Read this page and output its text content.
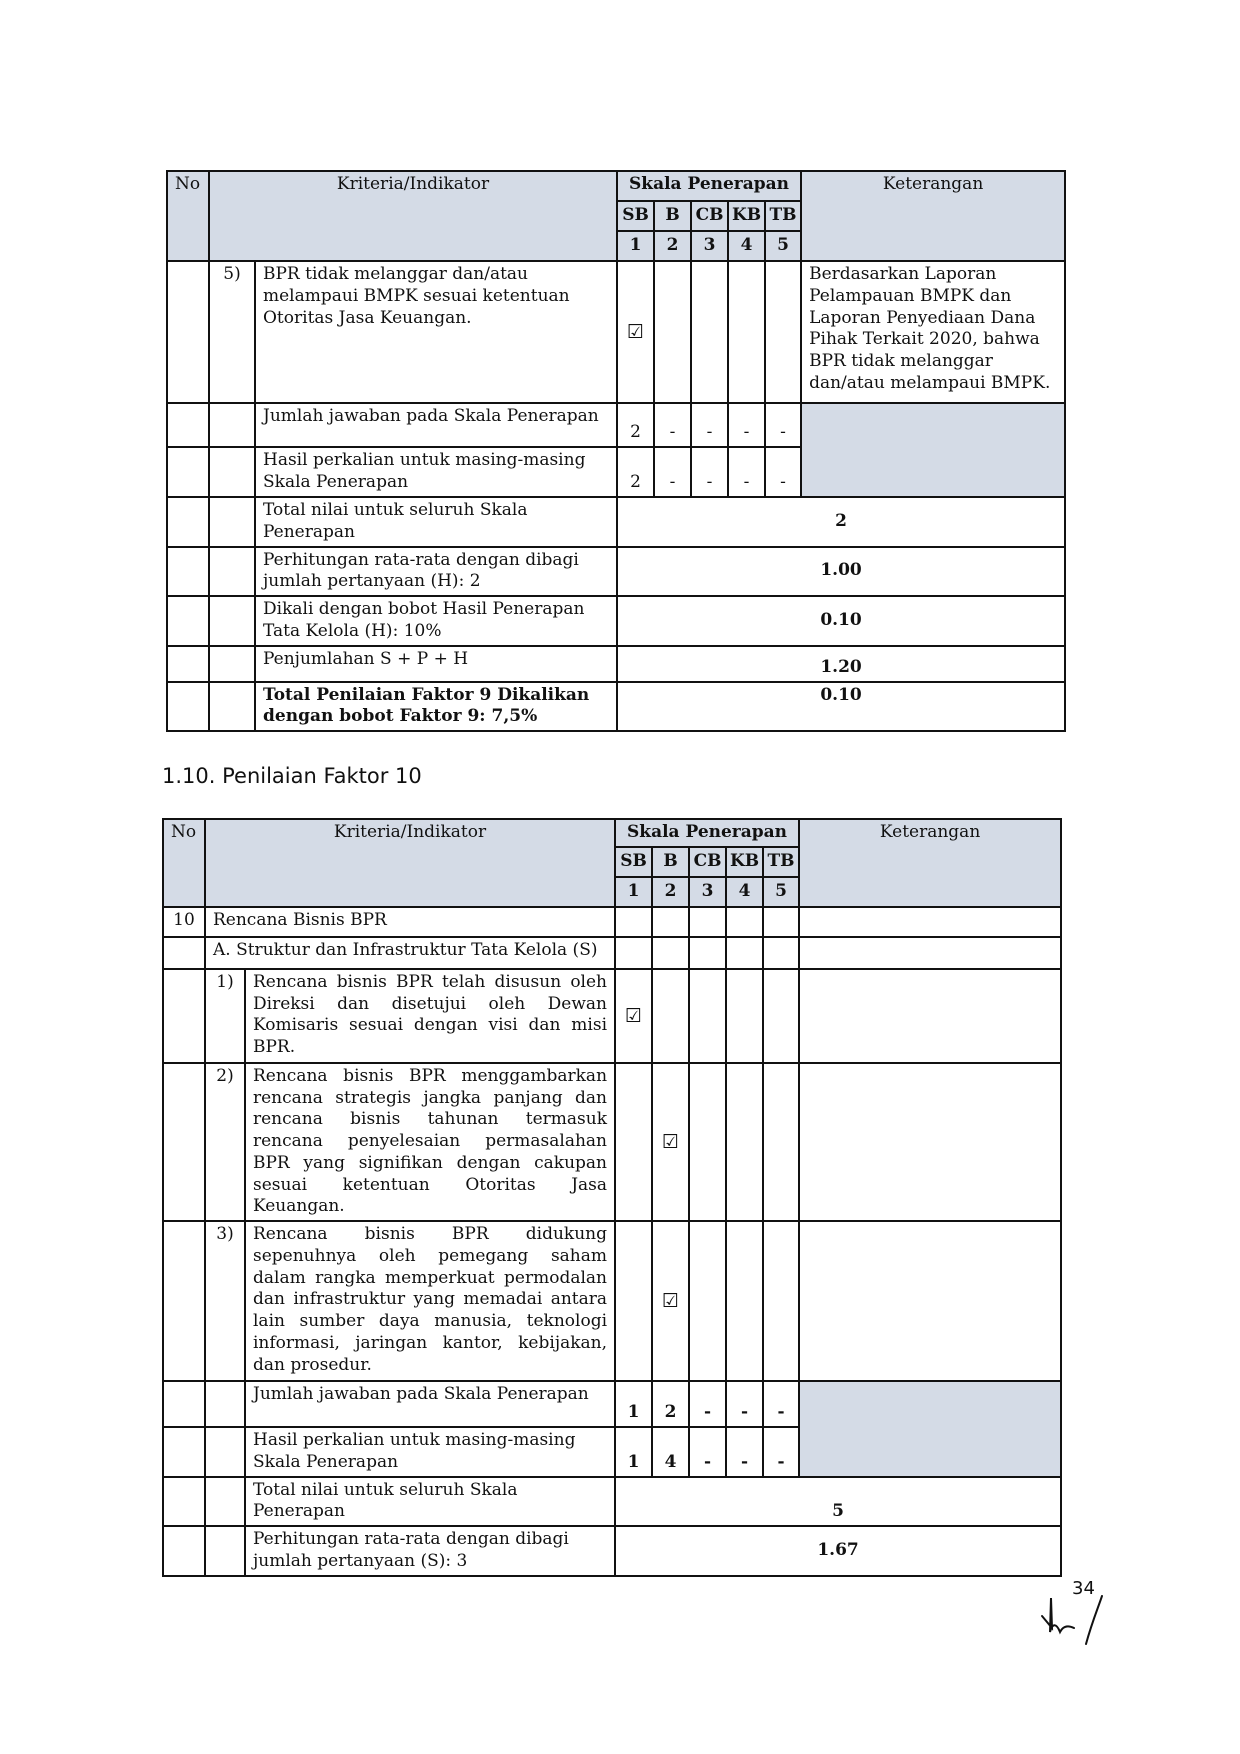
No	Kriteria/Indikator		Skala Penerapan					Keterangan
			SB	B	CB	KB	TB	
			1	2	3	4	5	
	5)	BPR tidak melanggar dan/atau melampaui BMPK sesuai ketentuan Otoritas Jasa Keuangan.	☑					Berdasarkan Laporan Pelampauan BMPK dan Laporan Penyediaan Dana Pihak Terkait 2020, bahwa BPR tidak melanggar dan/atau melampaui BMPK.
		Jumlah jawaban pada Skala Penerapan	2	-	-	-	-	
		Hasil perkalian untuk masing-masing Skala Penerapan	2	-	-	-	-	
		Total nilai untuk seluruh Skala Penerapan	2					
		Perhitungan rata-rata dengan dibagi jumlah pertanyaan (H): 2	1.00					
		Dikali dengan bobot Hasil Penerapan Tata Kelola (H): 10%	0.10					
		Penjumlahan S + P + H	1.20					
		Total Penilaian Faktor 9 Dikalikan dengan bobot Faktor 9: 7,5%	0.10					
1.10. Penilaian Faktor 10
No	Kriteria/Indikator		Skala Penerapan					Keterangan
			SB	B	CB	KB	TB	
			1	2	3	4	5	
10	Rencana Bisnis BPR							
	A. Struktur dan Infrastruktur Tata Kelola (S)							
	1)	Rencana bisnis BPR telah disusun oleh Direksi dan disetujui oleh Dewan Komisaris sesuai dengan visi dan misi BPR.	☑					
	2)	Rencana bisnis BPR menggambarkan rencana strategis jangka panjang dan rencana bisnis tahunan termasuk rencana penyelesaian permasalahan BPR yang signifikan dengan cakupan sesuai ketentuan Otoritas Jasa Keuangan.		☑				
	3)	Rencana bisnis BPR didukung sepenuhnya oleh pemegang saham dalam rangka memperkuat permodalan dan infrastruktur yang memadai antara lain sumber daya manusia, teknologi informasi, jaringan kantor, kebijakan, dan prosedur.		☑				
		Jumlah jawaban pada Skala Penerapan	1	2	-	-	-	
		Hasil perkalian untuk masing-masing Skala Penerapan	1	4	-	-	-	
		Total nilai untuk seluruh Skala Penerapan	5					
		Perhitungan rata-rata dengan dibagi jumlah pertanyaan (S): 3	1.67					
34
